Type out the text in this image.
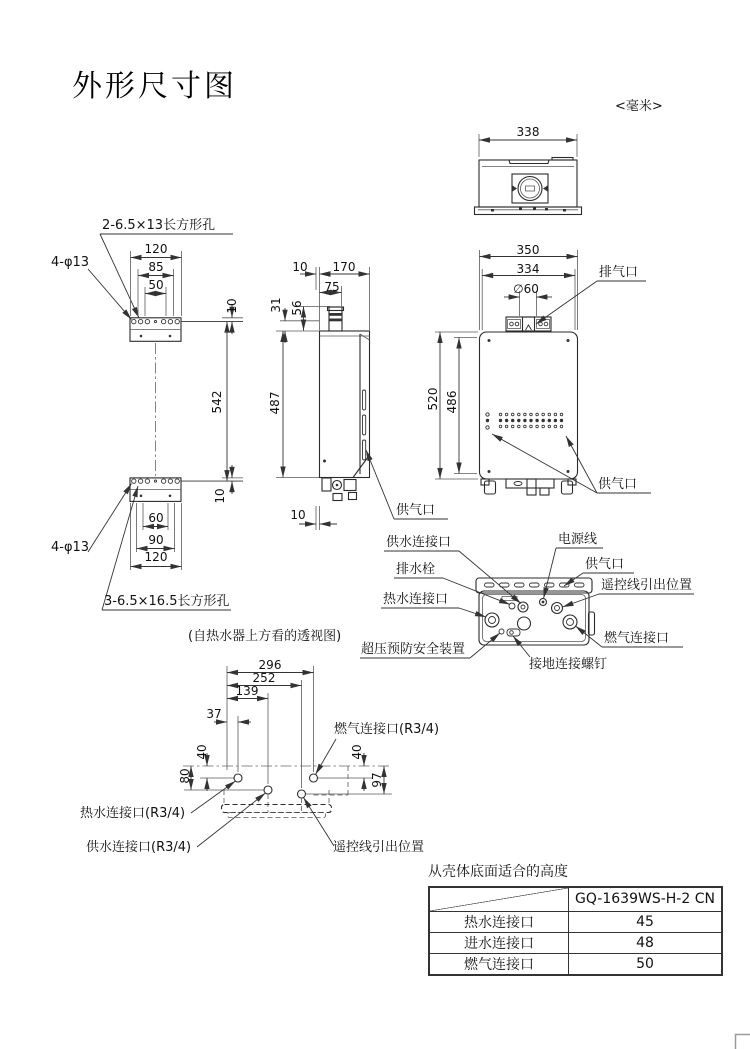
外形尺寸图
<毫米>
338
2-6.5×13长方形孔
4-φ13
120
85
50
10
542
10
60
90
120
4-φ13
3-6.5×16.5长方形孔
10	170
75
31 56
487
10	供气口
350
334
∅60
排气口
520 486
供气口
供水连接口	电源线
供气口
遥控线引出位置
排水栓
热水连接口
超压预防安全装置
燃气连接口
接地连接螺钉
(自热水器上方看的透视图)
296
252
139
37
40
80
40
97
燃气连接口(R3/4)
热水连接口(R3/4)
供水连接口(R3/4)	遥控线引出位置
从壳体底面适合的高度
	GQ-1639WS-H-2 CN
热水连接口	45
进水连接口	48
燃气连接口	50
